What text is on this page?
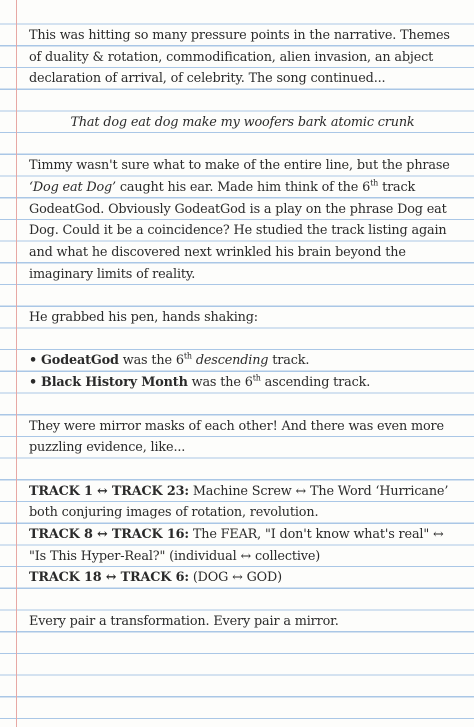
This was hitting so many pressure points in the narrative. Themes of duality & rotation, commodification, alien invasion, an abject declaration of arrival, of celebrity. The song continued...

That dog eat dog make my woofers bark atomic crunk

Timmy wasn't sure what to make of the entire line, but the phrase ‘Dog eat Dog’ caught his ear. Made him think of the 6th track GodeatGod. Obviously GodeatGod is a play on the phrase Dog eat Dog. Could it be a coincidence? He studied the track listing again and what he discovered next wrinkled his brain beyond the imaginary limits of reality.

He grabbed his pen, hands shaking:

• GodeatGod was the 6th descending track.

• Black History Month was the 6th ascending track.

They were mirror masks of each other! And there was even more puzzling evidence, like...

TRACK 1 ↔ TRACK 23: Machine Screw ↔ The Word ‘Hurricane’ both conjuring images of rotation, revolution.

TRACK 8 ↔ TRACK 16: The FEAR, "I don't know what's real" ↔ "Is This Hyper-Real?" (individual ↔ collective)

TRACK 18 ↔ TRACK 6: (DOG ↔ GOD)

Every pair a transformation. Every pair a mirror.
